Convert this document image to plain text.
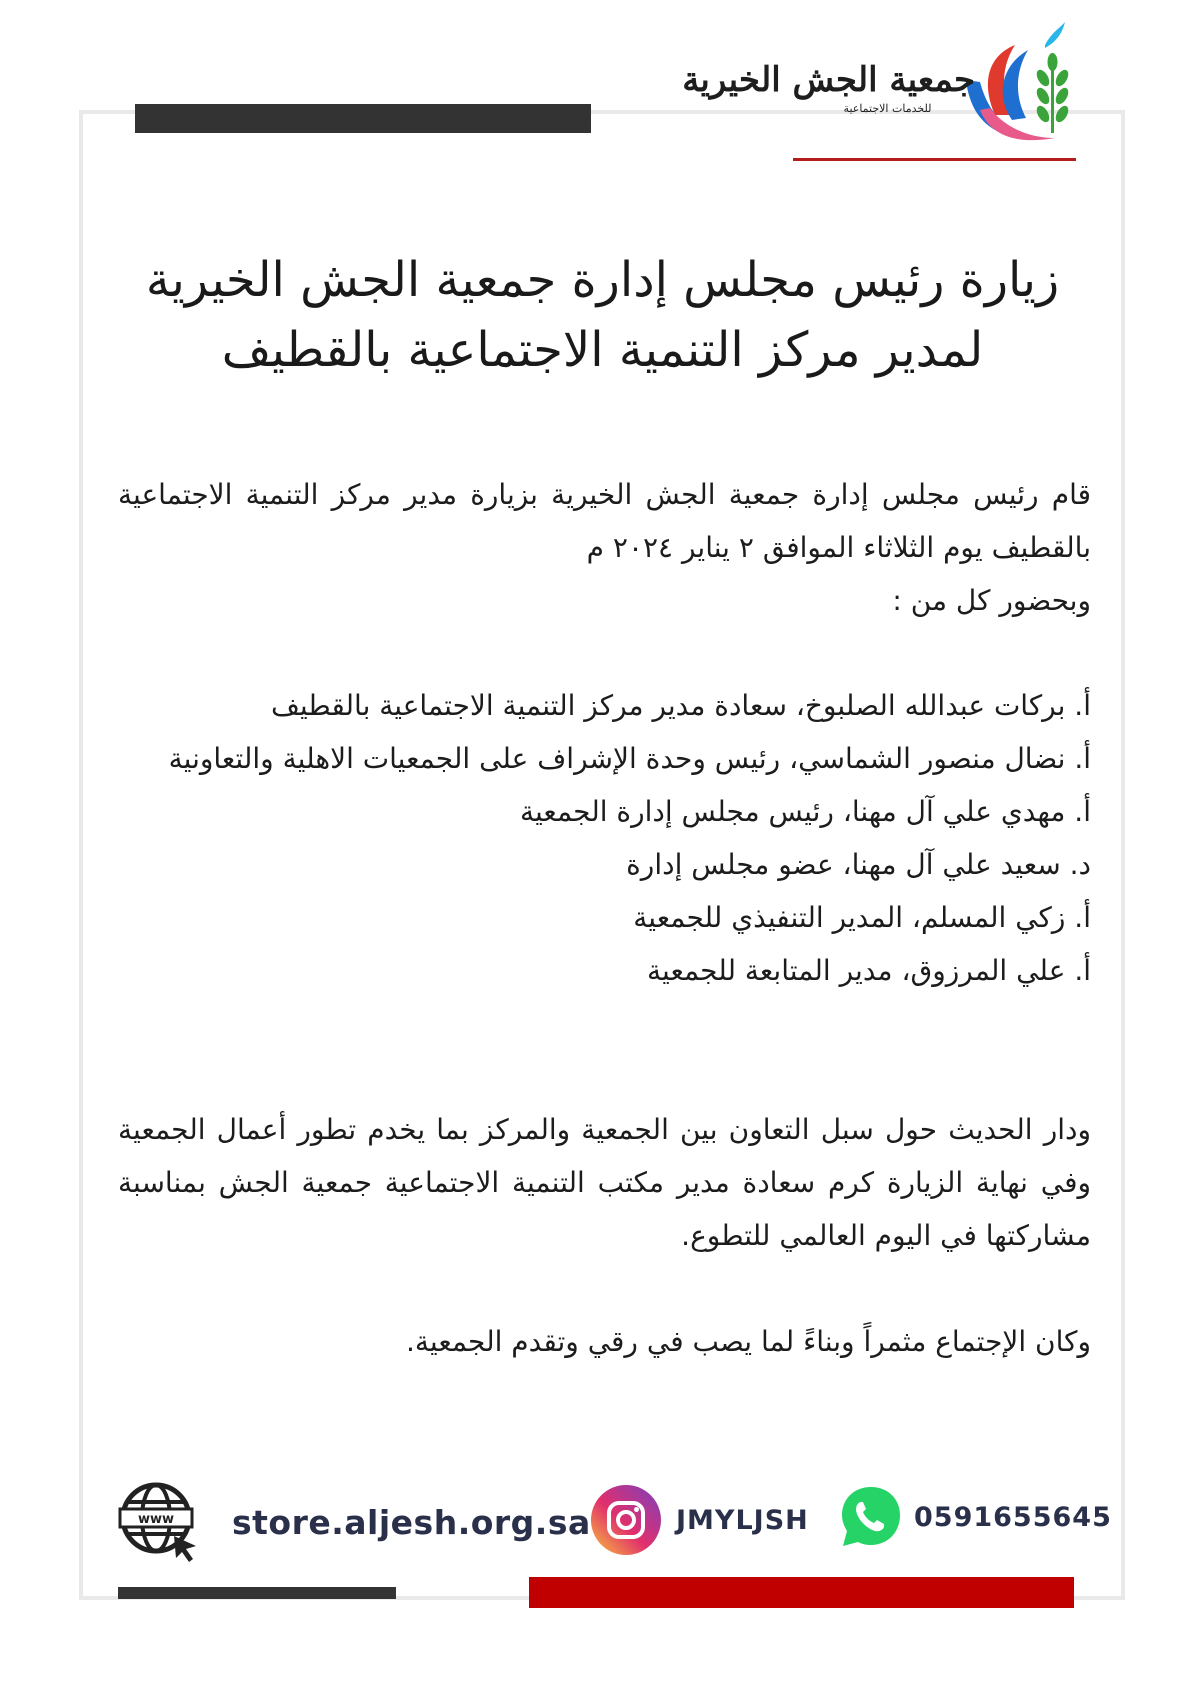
جمعية الجش الخيرية
للخدمات الاجتماعية
زيارة رئيس مجلس إدارة جمعية الجش الخيرية
لمدير مركز التنمية الاجتماعية بالقطيف

قام رئيس مجلس إدارة جمعية الجش الخيرية بزيارة مدير مركز التنمية الاجتماعية بالقطيف يوم الثلاثاء الموافق ٢ يناير ٢٠٢٤ م

وبحضور كل من :

أ. بركات عبدالله الصلبوخ، سعادة مدير مركز التنمية الاجتماعية بالقطيف
أ. نضال منصور الشماسي، رئيس وحدة الإشراف على الجمعيات الاهلية والتعاونية
أ. مهدي علي آل مهنا، رئيس مجلس إدارة الجمعية
د. سعيد علي آل مهنا، عضو مجلس إدارة
أ. زكي المسلم، المدير التنفيذي للجمعية
أ. علي المرزوق، مدير المتابعة للجمعية

ودار الحديث حول سبل التعاون بين الجمعية والمركز بما يخدم تطور أعمال الجمعية وفي نهاية الزيارة كرم سعادة مدير مكتب التنمية الاجتماعية جمعية الجش بمناسبة مشاركتها في اليوم العالمي للتطوع.

وكان الإجتماع مثمراً وبناءً لما يصب في رقي وتقدم الجمعية.

www store.aljesh.org.sa	JMYLJSH	0591655645
